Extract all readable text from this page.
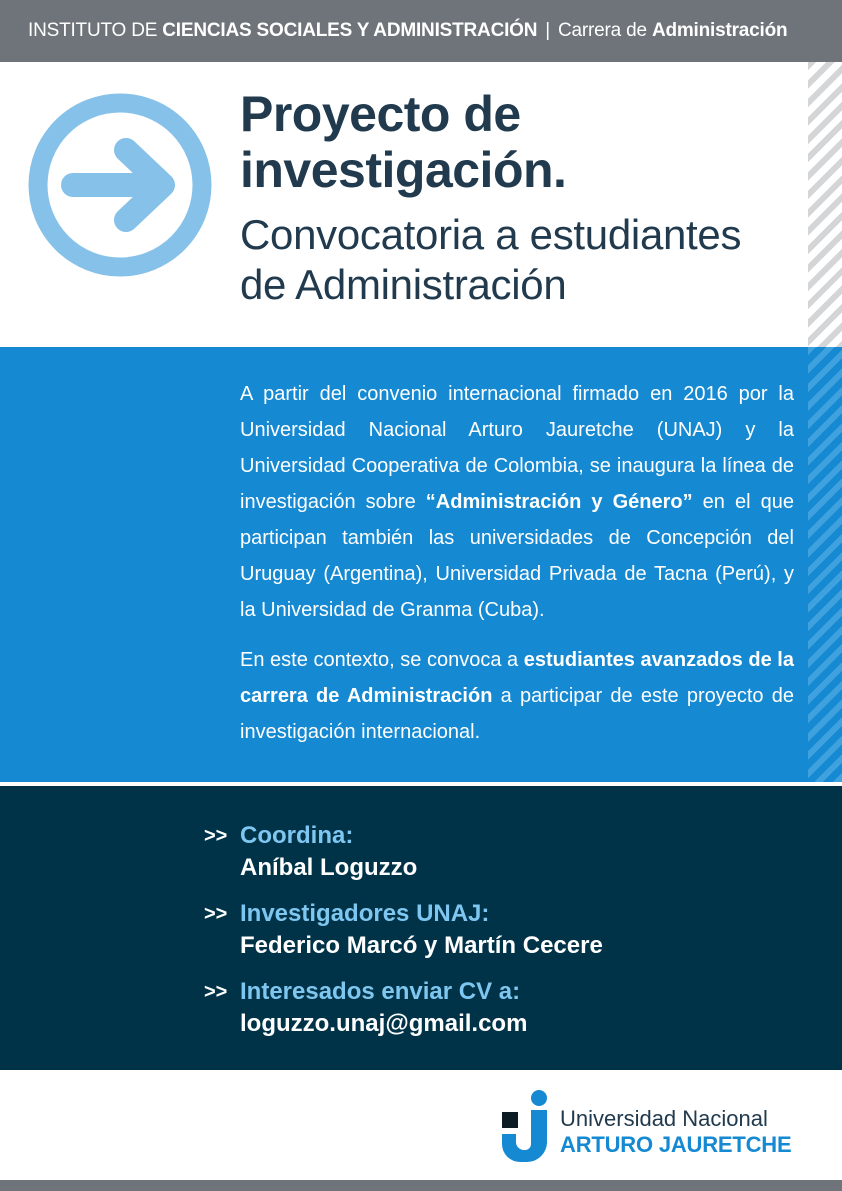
INSTITUTO DE CIENCIAS SOCIALES Y ADMINISTRACIÓN | Carrera de Administración
Proyecto de
investigación.
Convocatoria a estudiantes
de Administración

A partir del convenio internacional firmado en 2016 por la Universidad Nacional Arturo Jauretche (UNAJ) y la Universidad Cooperativa de Colombia, se inaugura la línea de investigación sobre “Administración y Género” en el que participan también las universidades de Concepción del Uruguay (Argentina), Universidad Privada de Tacna (Perú), y la Universidad de Granma (Cuba).

En este contexto, se convoca a estudiantes avanzados de la carrera de Administración a participar de este proyecto de investigación internacional.

>> Coordina:
Aníbal Loguzzo
>> Investigadores UNAJ:
Federico Marcó y Martín Cecere
>> Interesados enviar CV a:
loguzzo.unaj@gmail.com
Universidad Nacional
ARTURO JAURETCHE
